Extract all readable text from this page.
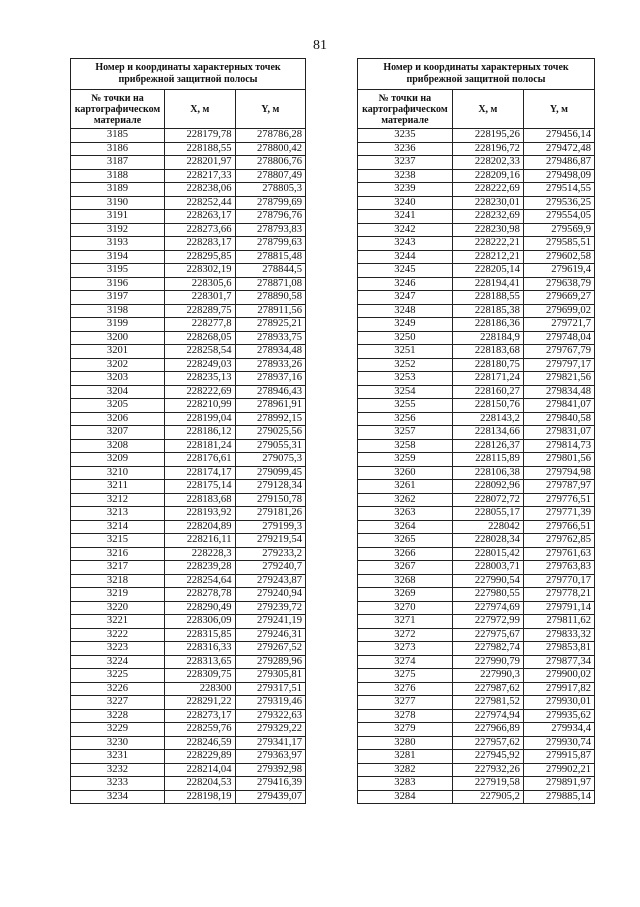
81
Номер и координаты характерных точек прибрежной защитной полосы		
№ точки на картографическом материале	X, м	Y, м
3185	228179,78	278786,28
3186	228188,55	278800,42
3187	228201,97	278806,76
3188	228217,33	278807,49
3189	228238,06	278805,3
3190	228252,44	278799,69
3191	228263,17	278796,76
3192	228273,66	278793,83
3193	228283,17	278799,63
3194	228295,85	278815,48
3195	228302,19	278844,5
3196	228305,6	278871,08
3197	228301,7	278890,58
3198	228289,75	278911,56
3199	228277,8	278925,21
3200	228268,05	278933,75
3201	228258,54	278934,48
3202	228249,03	278933,26
3203	228235,13	278937,16
3204	228222,69	278946,43
3205	228210,99	278961,91
3206	228199,04	278992,15
3207	228186,12	279025,56
3208	228181,24	279055,31
3209	228176,61	279075,3
3210	228174,17	279099,45
3211	228175,14	279128,34
3212	228183,68	279150,78
3213	228193,92	279181,26
3214	228204,89	279199,3
3215	228216,11	279219,54
3216	228228,3	279233,2
3217	228239,28	279240,7
3218	228254,64	279243,87
3219	228278,78	279240,94
3220	228290,49	279239,72
3221	228306,09	279241,19
3222	228315,85	279246,31
3223	228316,33	279267,52
3224	228313,65	279289,96
3225	228309,75	279305,81
3226	228300	279317,51
3227	228291,22	279319,46
3228	228273,17	279322,63
3229	228259,76	279329,22
3230	228246,59	279341,17
3231	228229,89	279363,97
3232	228214,04	279392,98
3233	228204,53	279416,39
3234	228198,19	279439,07
Номер и координаты характерных точек прибрежной защитной полосы		
№ точки на картографическом материале	X, м	Y, м
3235	228195,26	279456,14
3236	228196,72	279472,48
3237	228202,33	279486,87
3238	228209,16	279498,09
3239	228222,69	279514,55
3240	228230,01	279536,25
3241	228232,69	279554,05
3242	228230,98	279569,9
3243	228222,21	279585,51
3244	228212,21	279602,58
3245	228205,14	279619,4
3246	228194,41	279638,79
3247	228188,55	279669,27
3248	228185,38	279699,02
3249	228186,36	279721,7
3250	228184,9	279748,04
3251	228183,68	279767,79
3252	228180,75	279797,17
3253	228171,24	279821,56
3254	228160,27	279834,48
3255	228150,76	279841,07
3256	228143,2	279840,58
3257	228134,66	279831,07
3258	228126,37	279814,73
3259	228115,89	279801,56
3260	228106,38	279794,98
3261	228092,96	279787,97
3262	228072,72	279776,51
3263	228055,17	279771,39
3264	228042	279766,51
3265	228028,34	279762,85
3266	228015,42	279761,63
3267	228003,71	279763,83
3268	227990,54	279770,17
3269	227980,55	279778,21
3270	227974,69	279791,14
3271	227972,99	279811,62
3272	227975,67	279833,32
3273	227982,74	279853,81
3274	227990,79	279877,34
3275	227990,3	279900,02
3276	227987,62	279917,82
3277	227981,52	279930,01
3278	227974,94	279935,62
3279	227966,89	279934,4
3280	227957,62	279930,74
3281	227945,92	279915,87
3282	227932,26	279902,21
3283	227919,58	279891,97
3284	227905,2	279885,14
